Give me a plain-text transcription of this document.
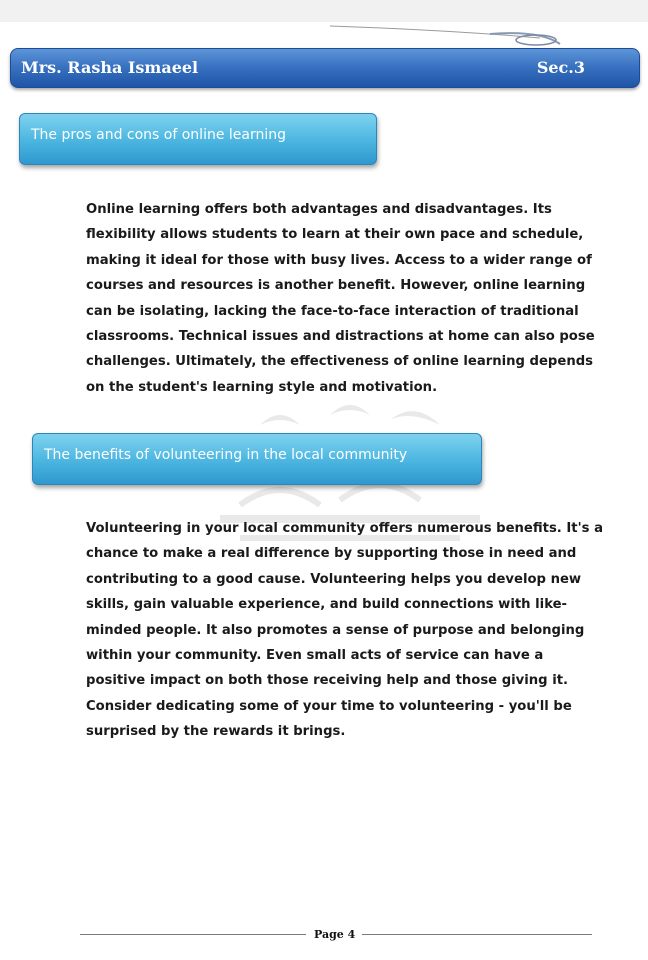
Mrs. Rasha Ismaeel	Sec.3
The pros and cons of online learning

Online learning offers both advantages and disadvantages. Its flexibility allows students to learn at their own pace and schedule, making it ideal for those with busy lives. Access to a wider range of courses and resources is another benefit. However, online learning can be isolating, lacking the face-to-face interaction of traditional classrooms. Technical issues and distractions at home can also pose challenges. Ultimately, the effectiveness of online learning depends on the student's learning style and motivation.

The benefits of volunteering in the local community

Volunteering in your local community offers numerous benefits. It's a chance to make a real difference by supporting those in need and contributing to a good cause. Volunteering helps you develop new skills, gain valuable experience, and build connections with like-minded people. It also promotes a sense of purpose and belonging within your community. Even small acts of service can have a positive impact on both those receiving help and those giving it. Consider dedicating some of your time to volunteering - you'll be surprised by the rewards it brings.

Page 4
